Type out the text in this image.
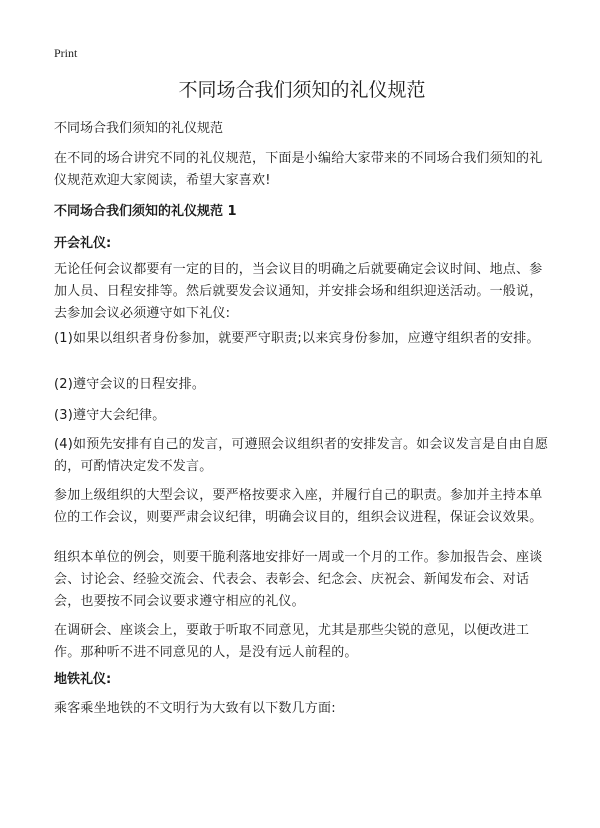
Print
不同场合我们须知的礼仪规范

不同场合我们须知的礼仪规范

在不同的场合讲究不同的礼仪规范，下面是小编给大家带来的不同场合我们须知的礼仪规范欢迎大家阅读，希望大家喜欢!

不同场合我们须知的礼仪规范 1

开会礼仪:

无论任何会议都要有一定的目的，当会议目的明确之后就要确定会议时间、地点、参加人员、日程安排等。然后就要发会议通知，并安排会场和组织迎送活动。一般说，去参加会议必须遵守如下礼仪:

(1)如果以组织者身份参加，就要严守职责;以来宾身份参加，应遵守组织者的安排。

(2)遵守会议的日程安排。

(3)遵守大会纪律。

(4)如预先安排有自己的发言，可遵照会议组织者的安排发言。如会议发言是自由自愿的，可酌情决定发不发言。

参加上级组织的大型会议，要严格按要求入座，并履行自己的职责。参加并主持本单位的工作会议，则要严肃会议纪律，明确会议目的，组织会议进程，保证会议效果。

组织本单位的例会，则要干脆利落地安排好一周或一个月的工作。参加报告会、座谈会、讨论会、经验交流会、代表会、表彰会、纪念会、庆祝会、新闻发布会、对话会，也要按不同会议要求遵守相应的礼仪。

在调研会、座谈会上，要敢于听取不同意见，尤其是那些尖锐的意见，以便改进工作。那种听不进不同意见的人，是没有远人前程的。

地铁礼仪:

乘客乘坐地铁的不文明行为大致有以下数几方面:
